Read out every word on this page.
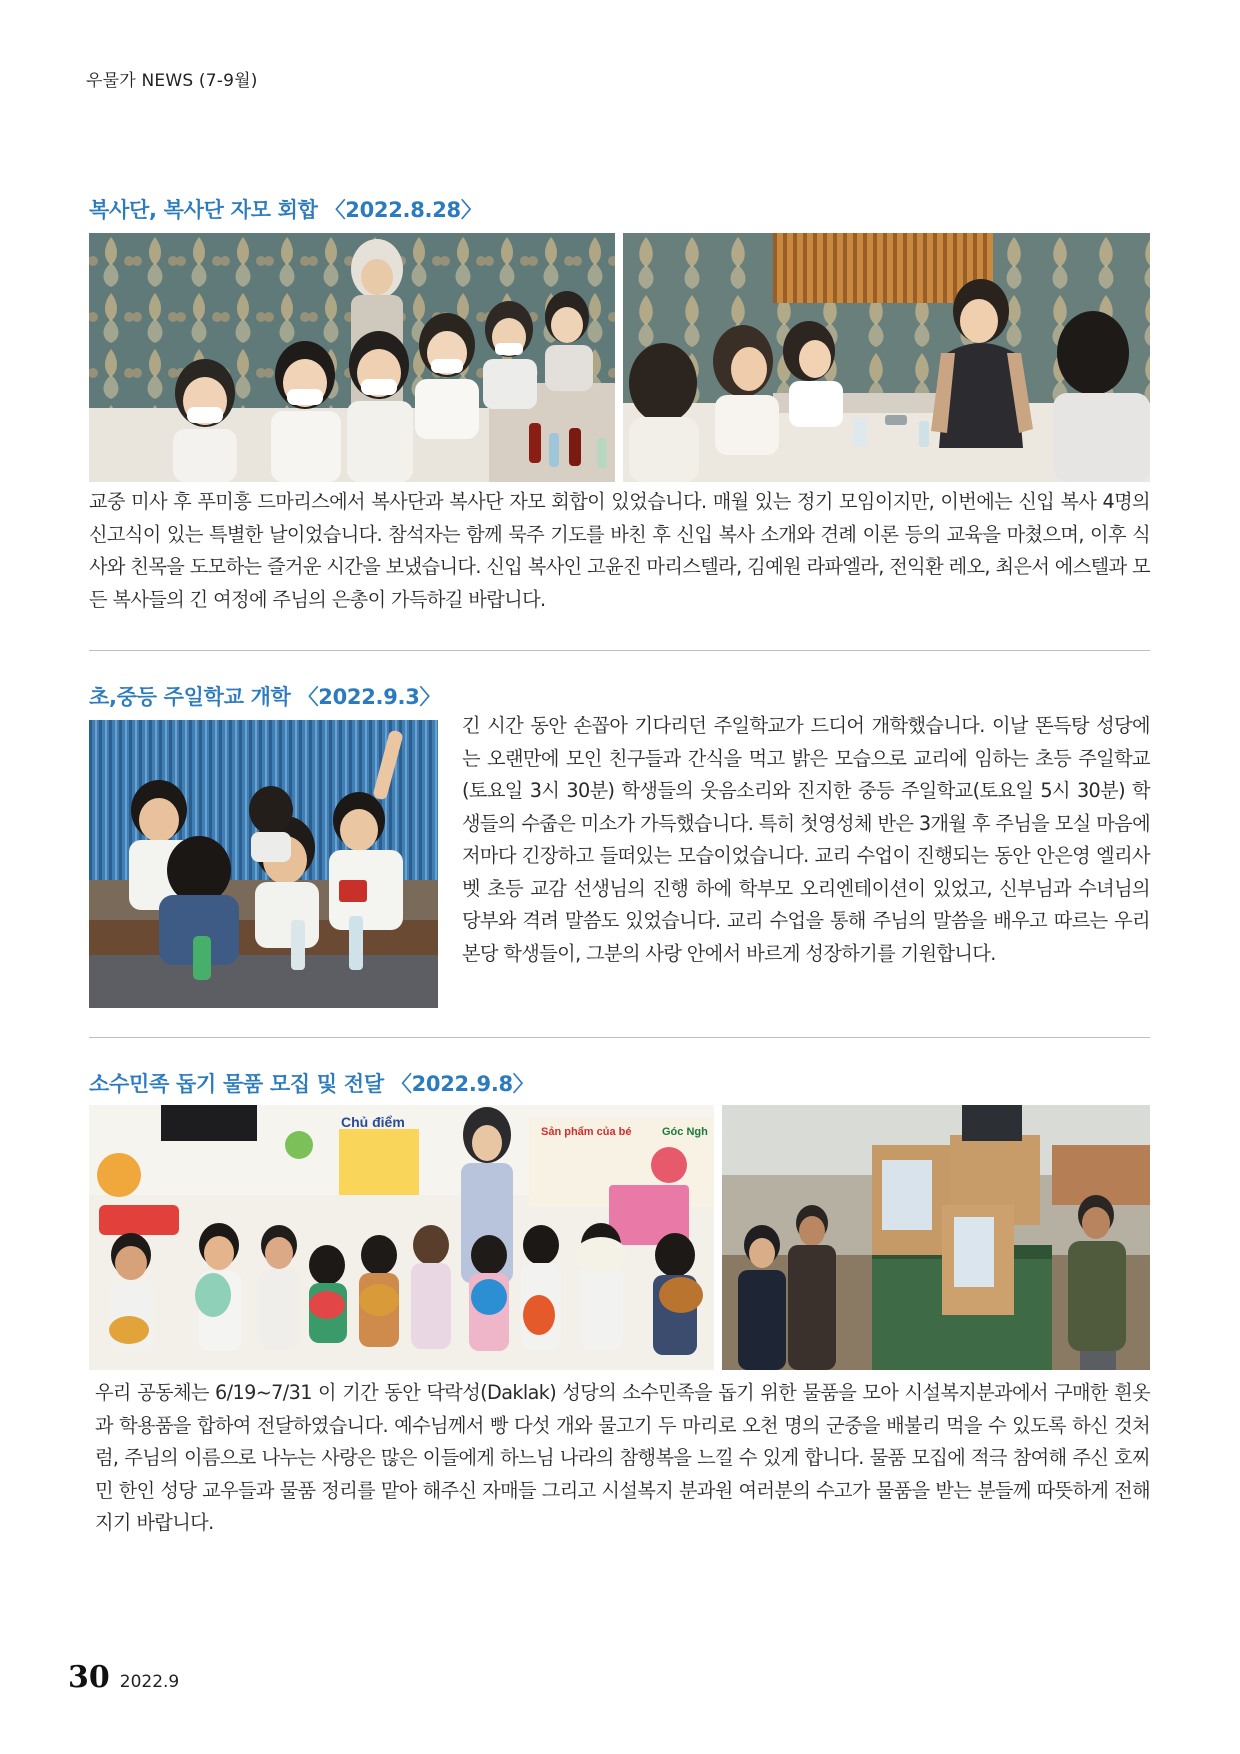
우물가 NEWS (7-9월)
복사단, 복사단 자모 회합 〈2022.8.28〉

교중 미사 후 푸미흥 드마리스에서 복사단과 복사단 자모 회합이 있었습니다. 매월 있는 정기 모임이지만, 이번에는 신입 복사 4명의 신고식이 있는 특별한 날이었습니다. 참석자는 함께 묵주 기도를 바친 후 신입 복사 소개와 견례 이론 등의 교육을 마쳤으며, 이후 식사와 친목을 도모하는 즐거운 시간을 보냈습니다. 신입 복사인 고윤진 마리스텔라, 김예원 라파엘라, 전익환 레오, 최은서 에스텔과 모든 복사들의 긴 여정에 주님의 은총이 가득하길 바랍니다.

초,중등 주일학교 개학 〈2022.9.3〉

긴 시간 동안 손꼽아 기다리던 주일학교가 드디어 개학했습니다. 이날 똔득탕 성당에는 오랜만에 모인 친구들과 간식을 먹고 밝은 모습으로 교리에 임하는 초등 주일학교(토요일 3시 30분) 학생들의 웃음소리와 진지한 중등 주일학교(토요일 5시 30분) 학생들의 수줍은 미소가 가득했습니다. 특히 첫영성체 반은 3개월 후 주님을 모실 마음에 저마다 긴장하고 들떠있는 모습이었습니다. 교리 수업이 진행되는 동안 안은영 엘리사벳 초등 교감 선생님의 진행 하에 학부모 오리엔테이션이 있었고, 신부님과 수녀님의 당부와 격려 말씀도 있었습니다. 교리 수업을 통해 주님의 말씀을 배우고 따르는 우리 본당 학생들이, 그분의 사랑 안에서 바르게 성장하기를 기원합니다.

소수민족 돕기 물품 모집 및 전달 〈2022.9.8〉
Chủ điểm
Sản phẩm của bé	Góc Ngh

우리 공동체는 6/19~7/31 이 기간 동안 닥락성(Daklak) 성당의 소수민족을 돕기 위한 물품을 모아 시설복지분과에서 구매한 흰옷과 학용품을 합하여 전달하였습니다. 예수님께서 빵 다섯 개와 물고기 두 마리로 오천 명의 군중을 배불리 먹을 수 있도록 하신 것처럼, 주님의 이름으로 나누는 사랑은 많은 이들에게 하느님 나라의 참행복을 느낄 수 있게 합니다. 물품 모집에 적극 참여해 주신 호찌민 한인 성당 교우들과 물품 정리를 맡아 해주신 자매들 그리고 시설복지 분과원 여러분의 수고가 물품을 받는 분들께 따뜻하게 전해지기 바랍니다.

30 2022.9
